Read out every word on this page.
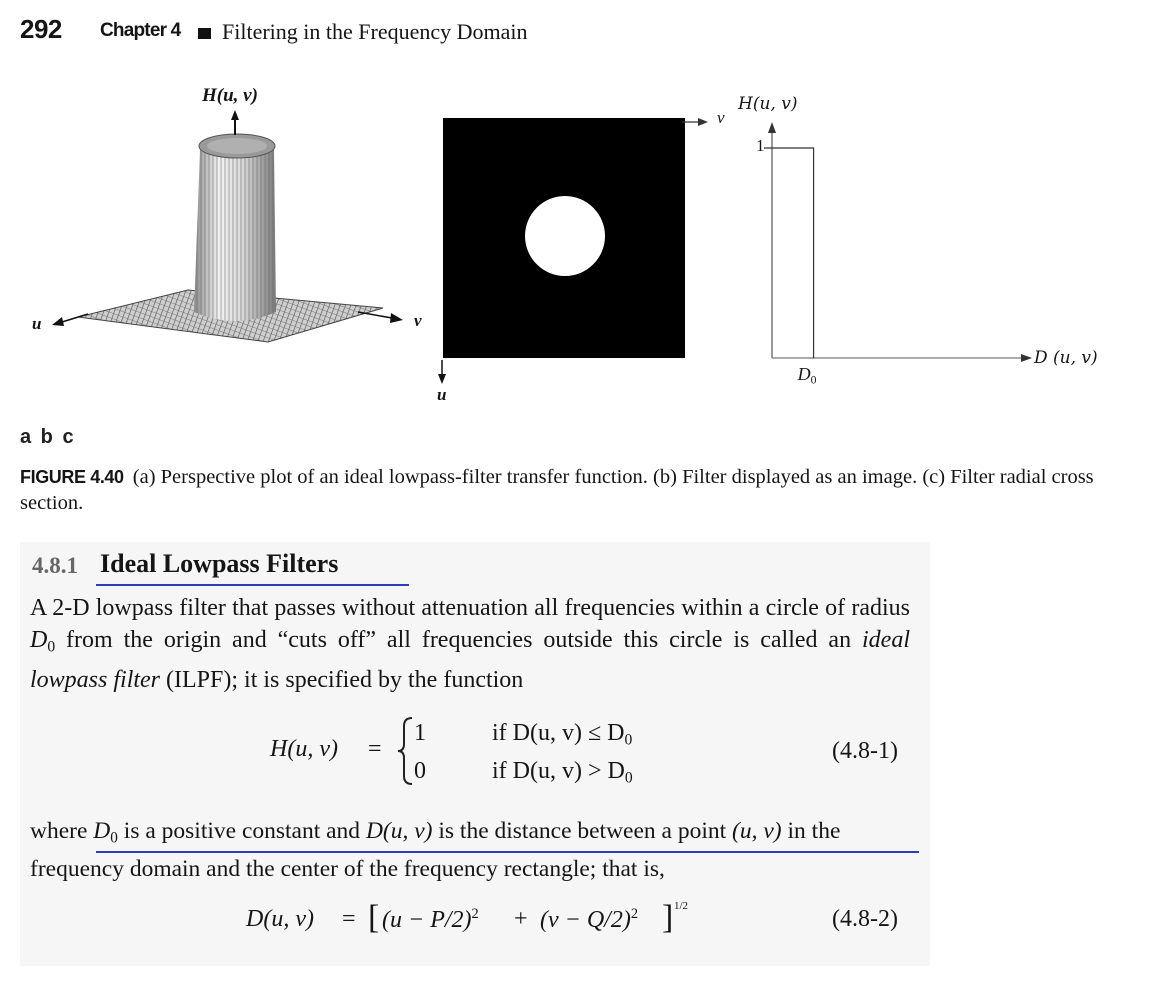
292 Chapter 4 Filtering in the Frequency Domain
H(u, v)
u	v
v
u
H(u, v)
1
$D_0$
D (u, v)
a b c
FIGURE 4.40 (a) Perspective plot of an ideal lowpass-filter transfer function. (b) Filter displayed as an image. (c) Filter radial cross section.
4.8.1 Ideal Lowpass Filters
A 2-D lowpass filter that passes without attenuation all frequencies within a circle of radius $D_0$ from the origin and “cuts off” all frequencies outside this circle is called an ideal lowpass filter (ILPF); it is specified by the function
H(u, v) =
1
0
if D(u, $v) \le D_0$
if D(u, $v) > D_0$
(4.8-1)
where $D_0$ is a positive constant and D(u, v) is the distance between a point (u, v) in the frequency domain and the center of the frequency rectangle; that is,
D(u, v) = [ $(u - P/2)^2 + (v - Q/2)^2$ ] 1/2	(4.8-2)
